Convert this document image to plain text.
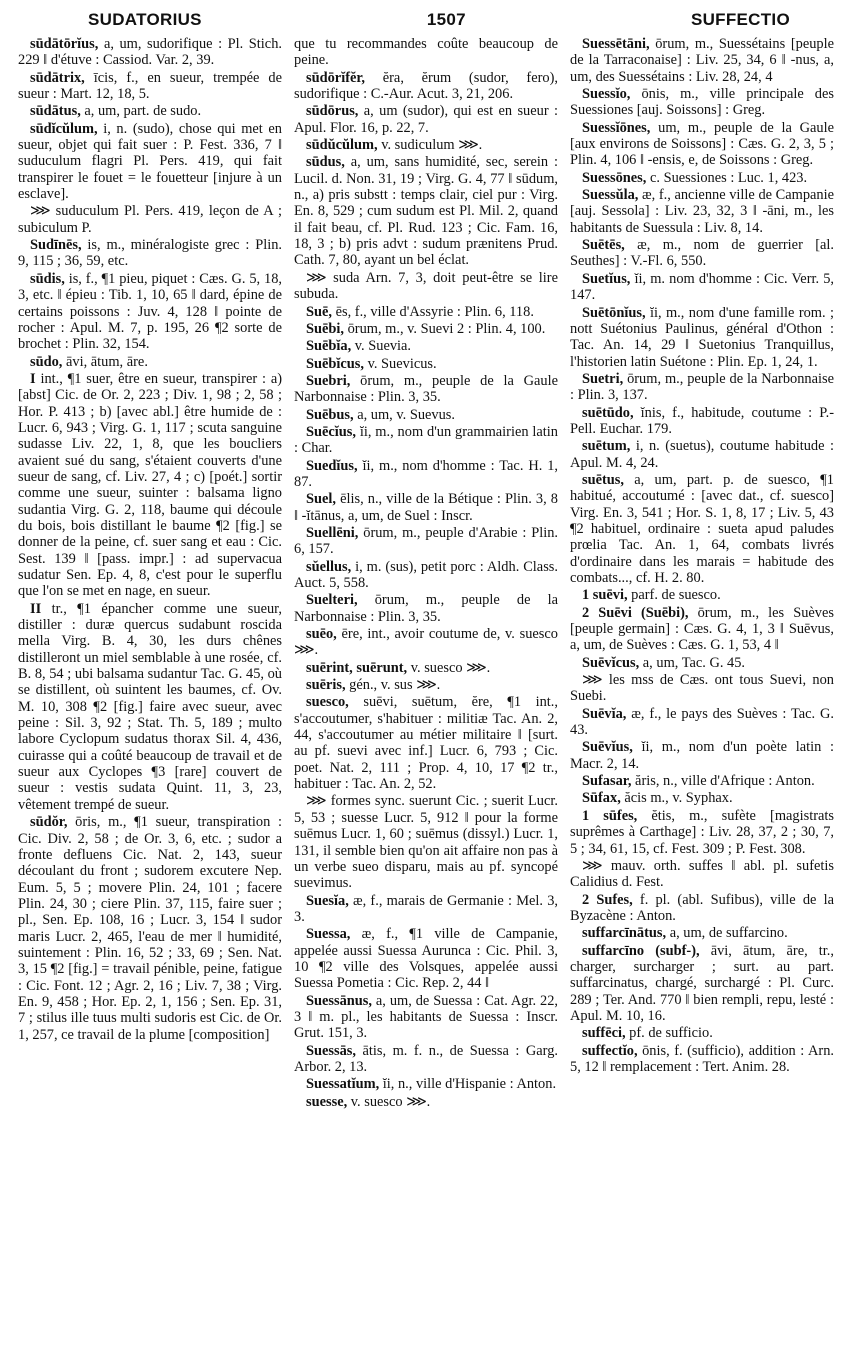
SUDATORIUS	1507	SUFFECTIO

sūdātōrĭus, a, um, sudorifique : Pl. Stich. 229 ‖ d'étuve : Cassiod. Var. 2, 39.

sūdātrix, īcis, f., en sueur, trempée de sueur : Mart. 12, 18, 5.

sūdātus, a, um, part. de sudo.

sūdĭcŭlum, i, n. (sudo), chose qui met en sueur, objet qui fait suer : P. Fest. 336, 7 ‖ suduculum flagri Pl. Pers. 419, qui fait transpirer le fouet = le fouetteur [injure à un esclave].

⋙ suduculum Pl. Pers. 419, leçon de A ; subiculum P.

Sudīnēs, is, m., minéralogiste grec : Plin. 9, 115 ; 36, 59, etc.

sūdis, is, f., ¶1 pieu, piquet : Cæs. G. 5, 18, 3, etc. ‖ épieu : Tib. 1, 10, 65 ‖ dard, épine de certains poissons : Juv. 4, 128 ‖ pointe de rocher : Apul. M. 7, p. 195, 26 ¶2 sorte de brochet : Plin. 32, 154.

sūdo, āvi, ātum, āre.

I int., ¶1 suer, être en sueur, transpirer : a) [abst] Cic. de Or. 2, 223 ; Div. 1, 98 ; 2, 58 ; Hor. P. 413 ; b) [avec abl.] être humide de : Lucr. 6, 943 ; Virg. G. 1, 117 ; scuta sanguine sudasse Liv. 22, 1, 8, que les boucliers avaient sué du sang, s'étaient couverts d'une sueur de sang, cf. Liv. 27, 4 ; c) [poét.] sortir comme une sueur, suinter : balsama ligno sudantia Virg. G. 2, 118, baume qui découle du bois, bois distillant le baume ¶2 [fig.] se donner de la peine, cf. suer sang et eau : Cic. Sest. 139 ‖ [pass. impr.] : ad supervacua sudatur Sen. Ep. 4, 8, c'est pour le superflu que l'on se met en nage, en sueur.

II tr., ¶1 épancher comme une sueur, distiller : duræ quercus sudabunt roscida mella Virg. B. 4, 30, les durs chênes distilleront un miel semblable à une rosée, cf. B. 8, 54 ; ubi balsama sudantur Tac. G. 45, où se distillent, où suintent les baumes, cf. Ov. M. 10, 308 ¶2 [fig.] faire avec sueur, avec peine : Sil. 3, 92 ; Stat. Th. 5, 189 ; multo labore Cyclopum sudatus thorax Sil. 4, 436, cuirasse qui a coûté beaucoup de travail et de sueur aux Cyclopes ¶3 [rare] couvert de sueur : vestis sudata Quint. 11, 3, 23, vêtement trempé de sueur.

sūdŏr, ōris, m., ¶1 sueur, transpiration : Cic. Div. 2, 58 ; de Or. 3, 6, etc. ; sudor a fronte defluens Cic. Nat. 2, 143, sueur découlant du front ; sudorem excutere Nep. Eum. 5, 5 ; movere Plin. 24, 101 ; facere Plin. 24, 30 ; ciere Plin. 37, 115, faire suer ; pl., Sen. Ep. 108, 16 ; Lucr. 3, 154 ‖ sudor maris Lucr. 2, 465, l'eau de mer ‖ humidité, suintement : Plin. 16, 52 ; 33, 69 ; Sen. Nat. 3, 15 ¶2 [fig.] = travail pénible, peine, fatigue : Cic. Font. 12 ; Agr. 2, 16 ; Liv. 7, 38 ; Virg. En. 9, 458 ; Hor. Ep. 2, 1, 156 ; Sen. Ep. 31, 7 ; stilus ille tuus multi sudoris est Cic. de Or. 1, 257, ce travail de la plume [composition]

que tu recommandes coûte beaucoup de peine.

sūdōrĭfĕr, ĕra, ĕrum (sudor, fero), sudorifique : C.-Aur. Acut. 3, 21, 206.

sūdōrus, a, um (sudor), qui est en sueur : Apul. Flor. 16, p. 22, 7.

sūdŭcŭlum, v. sudiculum ⋙.

sūdus, a, um, sans humidité, sec, serein : Lucil. d. Non. 31, 19 ; Virg. G. 4, 77 ‖ sūdum, n., a) pris substt : temps clair, ciel pur : Virg. En. 8, 529 ; cum sudum est Pl. Mil. 2, quand il fait beau, cf. Pl. Rud. 123 ; Cic. Fam. 16, 18, 3 ; b) pris advt : sudum prænitens Prud. Cath. 7, 80, ayant un bel éclat.

⋙ suda Arn. 7, 3, doit peut-être se lire subuda.

Suē, ēs, f., ville d'Assyrie : Plin. 6, 118.

Suēbi, ōrum, m., v. Suevi 2 : Plin. 4, 100.

Suēbĭa, v. Suevia.

Suēbĭcus, v. Suevicus.

Suebri, ōrum, m., peuple de la Gaule Narbonnaise : Plin. 3, 35.

Suēbus, a, um, v. Suevus.

Suēcĭus, ĭi, m., nom d'un grammairien latin : Char.

Suedĭus, ĭi, m., nom d'homme : Tac. H. 1, 87.

Suel, ēlis, n., ville de la Bétique : Plin. 3, 8 ‖ -ĭtānus, a, um, de Suel : Inscr.

Suellēni, ōrum, m., peuple d'Arabie : Plin. 6, 157.

sŭellus, i, m. (sus), petit porc : Aldh. Class. Auct. 5, 558.

Suelteri, ōrum, m., peuple de la Narbonnaise : Plin. 3, 35.

suēo, ēre, int., avoir coutume de, v. suesco ⋙.

suērint, suērunt, v. suesco ⋙.

suēris, gén., v. sus ⋙.

suesco, suēvi, suētum, ĕre, ¶1 int., s'accoutumer, s'habituer : militiæ Tac. An. 2, 44, s'accoutumer au métier militaire ‖ [surt. au pf. suevi avec inf.] Lucr. 6, 793 ; Cic. poet. Nat. 2, 111 ; Prop. 4, 10, 17 ¶2 tr., habituer : Tac. An. 2, 52.

⋙ formes sync. suerunt Cic. ; suerit Lucr. 5, 53 ; suesse Lucr. 5, 912 ‖ pour la forme suēmus Lucr. 1, 60 ; suēmus (dissyl.) Lucr. 1, 131, il semble bien qu'on ait affaire non pas à un verbe sueo disparu, mais au pf. syncopé suevimus.

Suesĭa, æ, f., marais de Germanie : Mel. 3, 3.

Suessa, æ, f., ¶1 ville de Campanie, appelée aussi Suessa Aurunca : Cic. Phil. 3, 10 ¶2 ville des Volsques, appelée aussi Suessa Pometia : Cic. Rep. 2, 44 ‖

Suessānus, a, um, de Suessa : Cat. Agr. 22, 3 ‖ m. pl., les habitants de Suessa : Inscr. Grut. 151, 3.

Suessās, ātis, m. f. n., de Suessa : Garg. Arbor. 2, 13.

Suessatĭum, ĭi, n., ville d'Hispanie : Anton.

suesse, v. suesco ⋙.

Suessētāni, ōrum, m., Suessétains [peuple de la Tarraconaise] : Liv. 25, 34, 6 ‖ -nus, a, um, des Suessétains : Liv. 28, 24, 4

Suessĭo, ōnis, m., ville principale des Suessiones [auj. Soissons] : Greg.

Suessĭōnes, um, m., peuple de la Gaule [aux environs de Soissons] : Cæs. G. 2, 3, 5 ; Plin. 4, 106 ‖ -ensis, e, de Soissons : Greg.

Suessōnes, c. Suessiones : Luc. 1, 423.

Suessŭla, æ, f., ancienne ville de Campanie [auj. Sessola] : Liv. 23, 32, 3 ‖ -āni, m., les habitants de Suessula : Liv. 8, 14.

Suētēs, æ, m., nom de guerrier [al. Seuthes] : V.-Fl. 6, 550.

Suetĭus, ĭi, m. nom d'homme : Cic. Verr. 5, 147.

Suētōnĭus, ĭi, m., nom d'une famille rom. ; nott Suétonius Paulinus, général d'Othon : Tac. An. 14, 29 ‖ Suetonius Tranquillus, l'historien latin Suétone : Plin. Ep. 1, 24, 1.

Suetri, ōrum, m., peuple de la Narbonnaise : Plin. 3, 137.

suētūdo, ĭnis, f., habitude, coutume : P.-Pell. Euchar. 179.

suētum, i, n. (suetus), coutume habitude : Apul. M. 4, 24.

suētus, a, um, part. p. de suesco, ¶1 habitué, accoutumé : [avec dat., cf. suesco] Virg. En. 3, 541 ; Hor. S. 1, 8, 17 ; Liv. 5, 43 ¶2 habituel, ordinaire : sueta apud paludes prœlia Tac. An. 1, 64, combats livrés d'ordinaire dans les marais = habitude des combats..., cf. H. 2. 80.

1 suēvi, parf. de suesco.

2 Suēvi (Suēbi), ōrum, m., les Suèves [peuple germain] : Cæs. G. 4, 1, 3 ‖ Suēvus, a, um, de Suèves : Cæs. G. 1, 53, 4 ‖

Suēvĭcus, a, um, Tac. G. 45.

⋙ les mss de Cæs. ont tous Suevi, non Suebi.

Suēvĭa, æ, f., le pays des Suèves : Tac. G. 43.

Suēvĭus, ĭi, m., nom d'un poète latin : Macr. 2, 14.

Sufasar, ăris, n., ville d'Afrique : Anton.

Sūfax, ăcis m., v. Syphax.

1 sūfes, ĕtis, m., sufète [magistrats suprêmes à Carthage] : Liv. 28, 37, 2 ; 30, 7, 5 ; 34, 61, 15, cf. Fest. 309 ; P. Fest. 308.

⋙ mauv. orth. suffes ‖ abl. pl. sufetis Calidius d. Fest.

2 Sufes, f. pl. (abl. Sufibus), ville de la Byzacène : Anton.

suffarcīnātus, a, um, de suffarcino.

suffarcīno (subf-), āvi, ātum, āre, tr., charger, surcharger ; surt. au part. suffarcinatus, chargé, surchargé : Pl. Curc. 289 ; Ter. And. 770 ‖ bien rempli, repu, lesté : Apul. M. 10, 16.

suffēci, pf. de sufficio.

suffectĭo, ōnis, f. (sufficio), addition : Arn. 5, 12 ‖ remplacement : Tert. Anim. 28.
